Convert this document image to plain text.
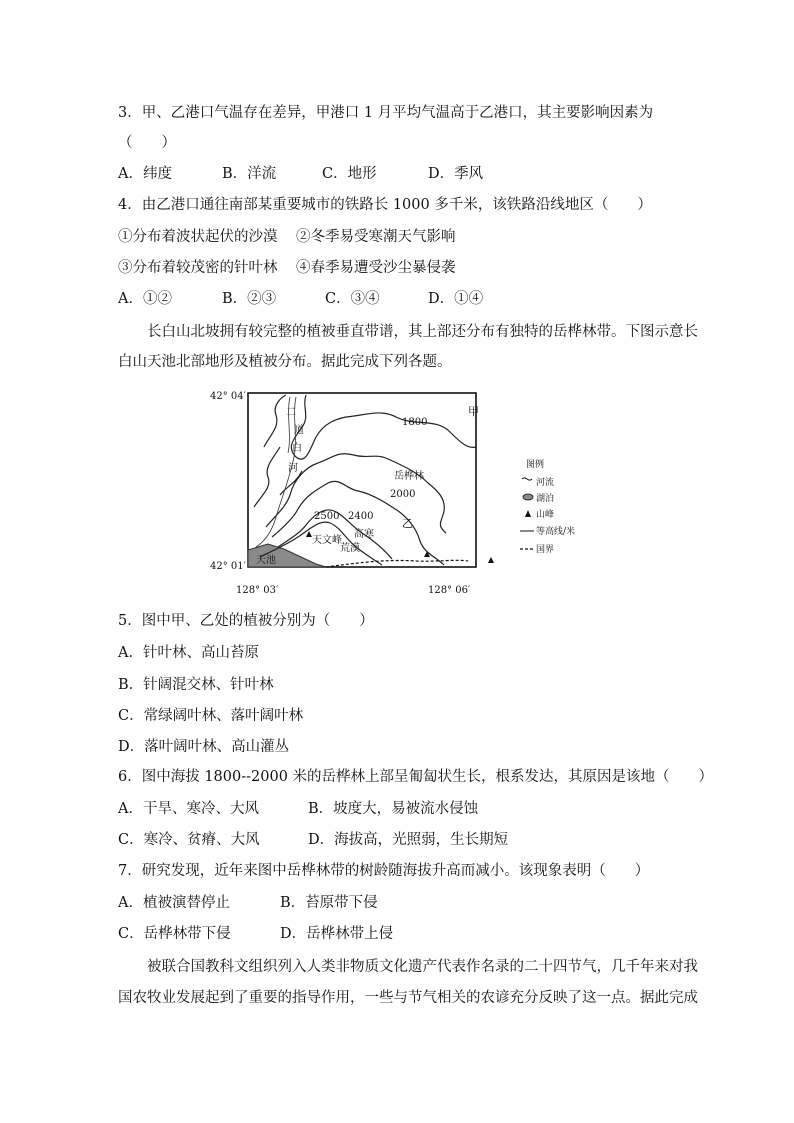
3．甲、乙港口气温存在差异，甲港口 1 月平均气温高于乙港口，其主要影响因素为
（　　）
A．纬度	B．洋流	C．地形	D．季风
4．由乙港口通往南部某重要城市的铁路长 1000 多千米，该铁路沿线地区（　　）
①分布着波状起伏的沙漠 ②冬季易受寒潮天气影响
③分布着较茂密的针叶林 ④春季易遭受沙尘暴侵袭
A．①②	B．②③	C．③④	D．①④
长白山北坡拥有较完整的植被垂直带谱，其上部还分布有独特的岳桦林带。下图示意长
白山天池北部地形及植被分布。据此完成下列各题。
42° 04′
42° 01′
128° 03′	128° 06′
二
道
白
河
甲
乙
1800
2000
2400
2500
岳桦林
高寒
荒漠
天文峰
天池
图例
河流
湖泊
山峰
等高线/米
国界
5．图中甲、乙处的植被分别为（　　）
A．针叶林、高山苔原
B．针阔混交林、针叶林
C．常绿阔叶林、落叶阔叶林
D．落叶阔叶林、高山灌丛
6．图中海拔 1800--2000 米的岳桦林上部呈匍匐状生长，根系发达，其原因是该地（　　）
A．干旱、寒冷、大风	B．坡度大，易被流水侵蚀
C．寒冷、贫瘠、大风	D．海拔高，光照弱，生长期短
7．研究发现，近年来图中岳桦林带的树龄随海拔升高而减小。该现象表明（　　）
A．植被演替停止	B．苔原带下侵
C．岳桦林带下侵	D．岳桦林带上侵
被联合国教科文组织列入人类非物质文化遗产代表作名录的二十四节气，几千年来对我
国农牧业发展起到了重要的指导作用，一些与节气相关的农谚充分反映了这一点。据此完成
